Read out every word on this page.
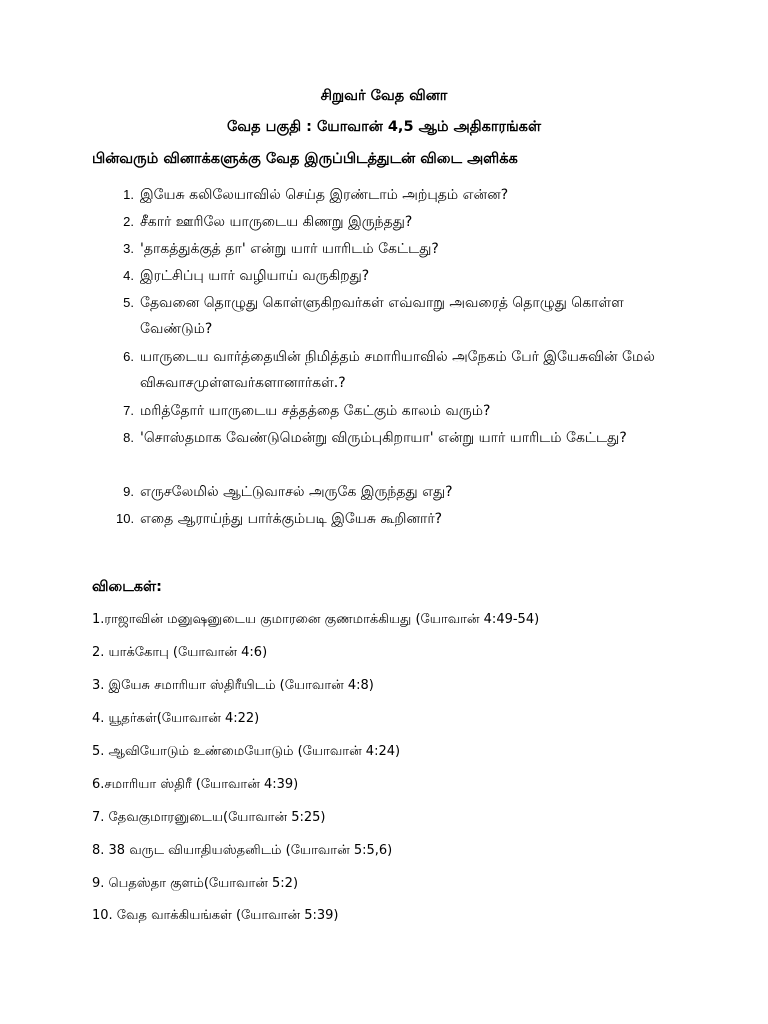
சிறுவர் வேத வினா
வேத பகுதி : யோவான் 4,5 ஆம் அதிகாரங்கள்
பின்வரும் வினாக்களுக்கு வேத இருப்பிடத்துடன் விடை அளிக்க
1. இயேசு கலிலேயாவில் செய்த இரண்டாம் அற்புதம் என்ன?
2. சீகார் ஊரிலே யாருடைய கிணறு இருந்தது?
3. 'தாகத்துக்குத் தா' என்று யார் யாரிடம் கேட்டது?
4. இரட்சிப்பு யார் வழியாய் வருகிறது?
5. தேவனை தொழுது கொள்ளுகிறவர்கள் எவ்வாறு அவரைத் தொழுது கொள்ள வேண்டும்?
6. யாருடைய வார்த்தையின் நிமித்தம் சமாரியாவில் அநேகம் பேர் இயேசுவின் மேல் விசுவாசமுள்ளவர்களானார்கள்.?
7. மரித்தோர் யாருடைய சத்தத்தை கேட்கும் காலம் வரும்?
8. 'சொஸ்தமாக வேண்டுமென்று விரும்புகிறாயா' என்று யார் யாரிடம் கேட்டது?
9. எருசலேமில் ஆட்டுவாசல் அருகே இருந்தது எது?
10. எதை ஆராய்ந்து பார்க்கும்படி இயேசு கூறினார்?
விடைகள்:
1.ராஜாவின் மனுஷனுடைய குமாரனை குணமாக்கியது (யோவான் 4:49-54)
2. யாக்கோபு (யோவான் 4:6)
3. இயேசு சமாரியா ஸ்திரீயிடம் (யோவான் 4:8)
4. யூதர்கள்(யோவான் 4:22)
5. ஆவியோடும் உண்மையோடும் (யோவான் 4:24)
6.சமாரியா ஸ்திரீ (யோவான் 4:39)
7. தேவகுமாரனுடைய(யோவான் 5:25)
8. 38 வருட வியாதியஸ்தனிடம் (யோவான் 5:5,6)
9. பெதஸ்தா குளம்(யோவான் 5:2)
10. வேத வாக்கியங்கள் (யோவான் 5:39)
